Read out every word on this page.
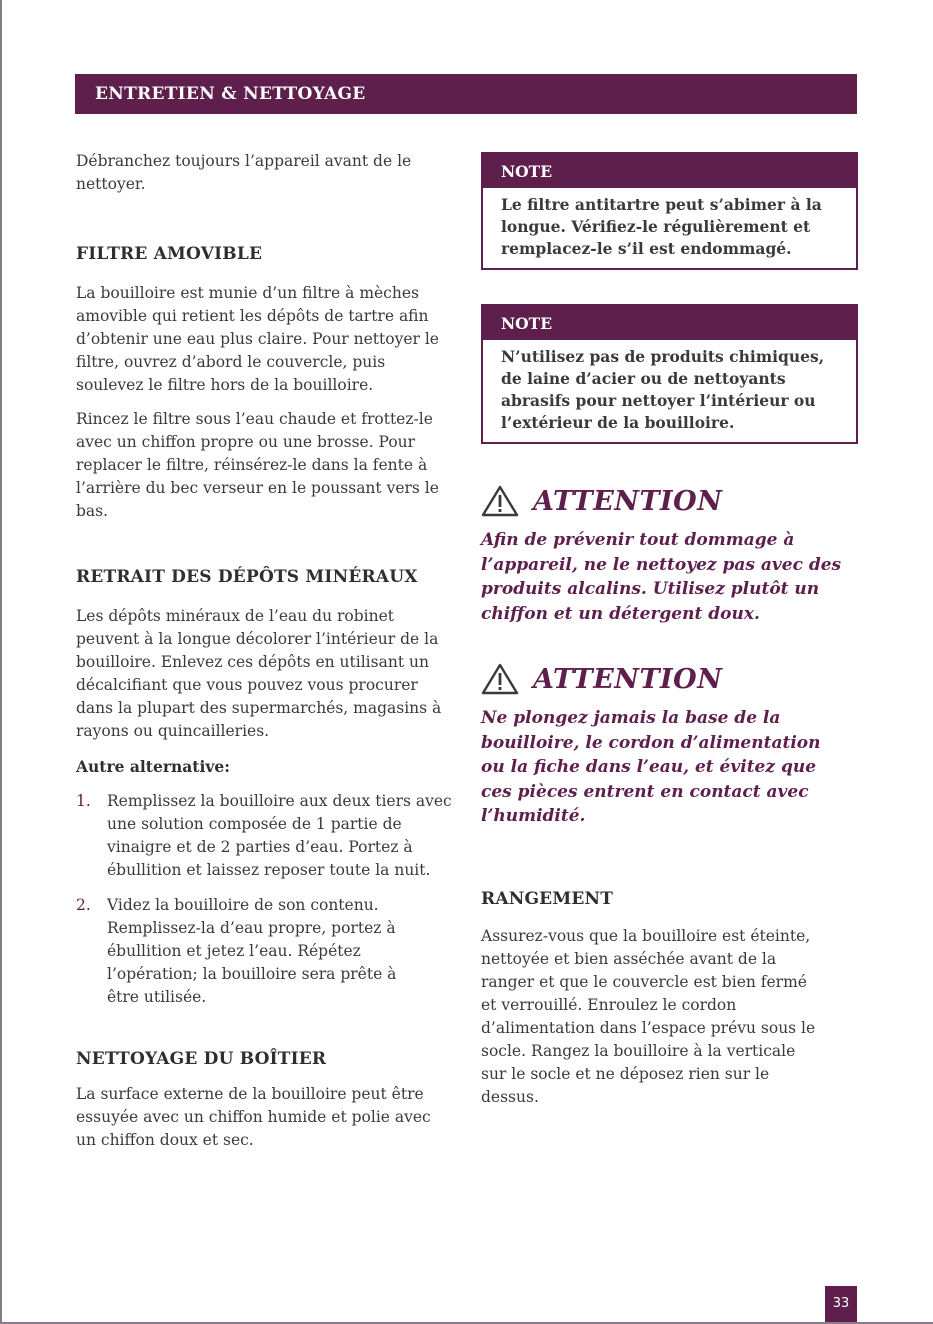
ENTRETIEN & NETTOYAGE

Débranchez toujours l’appareil avant de le nettoyer.

FILTRE AMOVIBLE

La bouilloire est munie d’un filtre à mèches amovible qui retient les dépôts de tartre afin d’obtenir une eau plus claire. Pour nettoyer le filtre, ouvrez d’abord le couvercle, puis soulevez le filtre hors de la bouilloire.

Rincez le filtre sous l’eau chaude et frottez-le avec un chiffon propre ou une brosse. Pour replacer le filtre, réinsérez-le dans la fente à l’arrière du bec verseur en le poussant vers le bas.

RETRAIT DES DÉPÔTS MINÉRAUX

Les dépôts minéraux de l’eau du robinet peuvent à la longue décolorer l’intérieur de la bouilloire. Enlevez ces dépôts en utilisant un décalcifiant que vous pouvez vous procurer dans la plupart des supermarchés, magasins à rayons ou quincailleries.

Autre alternative:
1.	Remplissez la bouilloire aux deux tiers avec une solution composée de 1 partie de vinaigre et de 2 parties d’eau. Portez à ébullition et laissez reposer toute la nuit.
2.	Videz la bouilloire de son contenu. Remplissez-la d’eau propre, portez à ébullition et jetez l’eau. Répétez l’opération; la bouilloire sera prête à être utilisée.
NETTOYAGE DU BOÎTIER

La surface externe de la bouilloire peut être essuyée avec un chiffon humide et polie avec un chiffon doux et sec.

NOTE
Le filtre antitartre peut s’abimer à la longue. Vérifiez-le régulièrement et remplacez-le s’il est endommagé.
NOTE
N’utilisez pas de produits chimiques, de laine d’acier ou de nettoyants abrasifs pour nettoyer l’intérieur ou l’extérieur de la bouilloire.
ATTENTION
Afin de prévenir tout dommage à l’appareil, ne le nettoyez pas avec des produits alcalins. Utilisez plutôt un chiffon et un détergent doux.
ATTENTION
Ne plongez jamais la base de la bouilloire, le cordon d’alimentation ou la fiche dans l’eau, et évitez que ces pièces entrent en contact avec l’humidité.
RANGEMENT

Assurez-vous que la bouilloire est éteinte, nettoyée et bien asséchée avant de la ranger et que le couvercle est bien fermé et verrouillé. Enroulez le cordon d’alimentation dans l’espace prévu sous le socle. Rangez la bouilloire à la verticale sur le socle et ne déposez rien sur le dessus.

33
